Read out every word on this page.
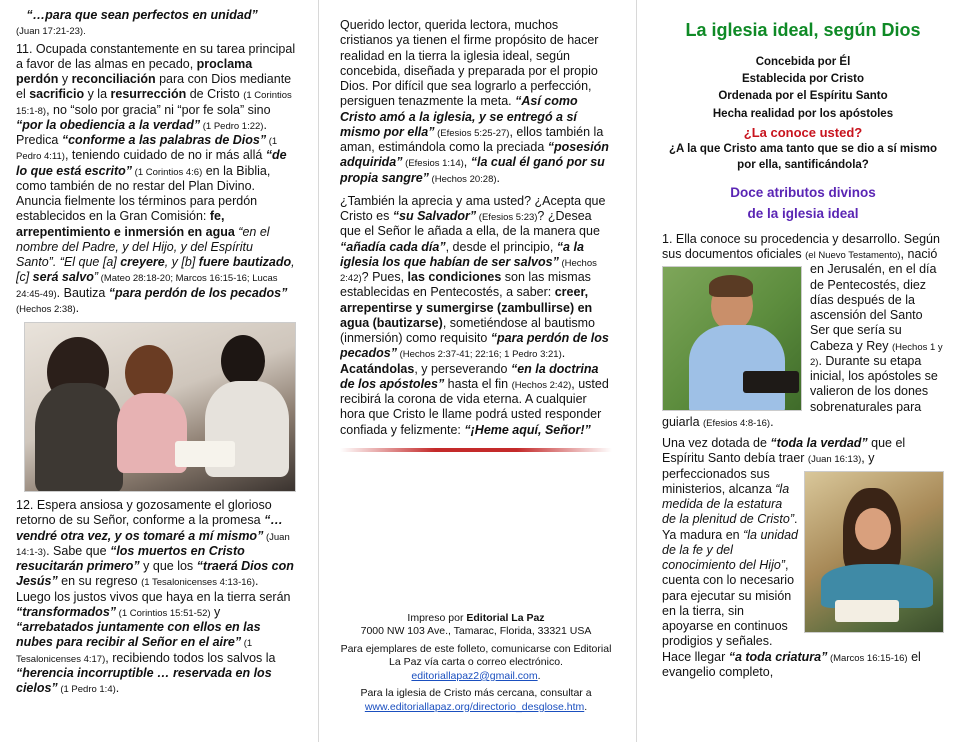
“…para que sean perfectos en unidad”
(Juan 17:21-23).

11. Ocupada constantemente en su tarea principal a favor de las almas en pecado, proclama perdón y reconciliación para con Dios mediante el sacrificio y la resurrección de Cristo (1 Corintios 15:1-8), no “solo por gracia” ni “por fe sola” sino “por la obediencia a la verdad” (1 Pedro 1:22). Predica “conforme a las palabras de Dios” (1 Pedro 4:11), teniendo cuidado de no ir más allá “de lo que está escrito” (1 Corintios 4:6) en la Biblia, como también de no restar del Plan Divino. Anuncia fielmente los términos para perdón establecidos en la Gran Comisión: fe, arrepentimiento e inmersión en agua “en el nombre del Padre, y del Hijo, y del Espíritu Santo”. “El que [a] creyere, y [b] fuere bautizado, [c] será salvo” (Mateo 28:18-20; Marcos 16:15-16; Lucas 24:45-49). Bautiza “para perdón de los pecados” (Hechos 2:38).

12. Espera ansiosa y gozosamente el glorioso retorno de su Señor, conforme a la promesa “…vendré otra vez, y os tomaré a mí mismo” (Juan 14:1-3). Sabe que “los muertos en Cristo resucitarán primero” y que los “traerá Dios con Jesús” en su regreso (1 Tesalonicenses 4:13-16). Luego los justos vivos que haya en la tierra serán “transformados” (1 Corintios 15:51-52) y “arrebatados juntamente con ellos en las nubes para recibir al Señor en el aire” (1 Tesalonicenses 4:17), recibiendo todos los salvos la “herencia incorruptible … reservada en los cielos” (1 Pedro 1:4).

Querido lector, querida lectora, muchos cristianos ya tienen el firme propósito de hacer realidad en la tierra la iglesia ideal, según concebida, diseñada y preparada por el propio Dios. Por difícil que sea lograrlo a perfección, persiguen tenazmente la meta. “Así como Cristo amó a la iglesia, y se entregó a sí mismo por ella” (Efesios 5:25-27), ellos también la aman, estimándola como la preciada “posesión adquirida” (Efesios 1:14), “la cual él ganó por su propia sangre” (Hechos 20:28).

¿También la aprecia y ama usted? ¿Acepta que Cristo es “su Salvador” (Efesios 5:23)? ¿Desea que el Señor le añada a ella, de la manera que “añadía cada día”, desde el principio, “a la iglesia los que habían de ser salvos” (Hechos 2:42)? Pues, las condiciones son las mismas establecidas en Pentecostés, a saber: creer, arrepentirse y sumergirse (zambullirse) en agua (bautizarse), sometiéndose al bautismo (inmersión) como requisito “para perdón de los pecados” (Hechos 2:37-41; 22:16; 1 Pedro 3:21). Acatándolas, y perseverando “en la doctrina de los apóstoles” hasta el fin (Hechos 2:42), usted recibirá la corona de vida eterna. A cualquier hora que Cristo le llame podrá usted responder confiada y felizmente: “¡Heme aquí, Señor!”

Impreso por Editorial La Paz

7000 NW 103 Ave., Tamarac, Florida, 33321 USA

Para ejemplares de este folleto, comunicarse con Editorial La Paz vía carta o correo electrónico.

editoriallapaz2@gmail.com.

Para la iglesia de Cristo más cercana, consultar a

www.editoriallapaz.org/directorio_desglose.htm.

La iglesia ideal, según Dios
Concebida por Él
Establecida por Cristo
Ordenada por el Espíritu Santo
Hecha realidad por los apóstoles
¿La conoce usted?
¿A la que Cristo ama tanto que se dio a sí mismo por ella, santificándola?
Doce atributos divinos
de la iglesia ideal

1. Ella conoce su procedencia y desarrollo. Según sus documentos oficiales
(el Nuevo Testamento), nació en Jerusalén, en el día de Pentecostés, diez días después de la ascensión del Santo Ser que sería su Cabeza y Rey (Hechos 1 y 2). Durante su etapa inicial, los apóstoles se valieron de los dones sobrenaturales para guiarla (Efesios 4:8-16).

Una vez dotada de “toda la verdad” que el Espíritu Santo debía traer (Juan 16:13)
, y perfeccionados sus ministerios, alcanza “la medida de la estatura de la plenitud de Cristo”. Ya madura en “la unidad de la fe y del conocimiento del Hijo”, cuenta con lo necesario para ejecutar su misión en la tierra, sin apoyarse en continuos prodigios y señales. Hace llegar “a toda criatura” (Marcos 16:15-16) el evangelio completo,
